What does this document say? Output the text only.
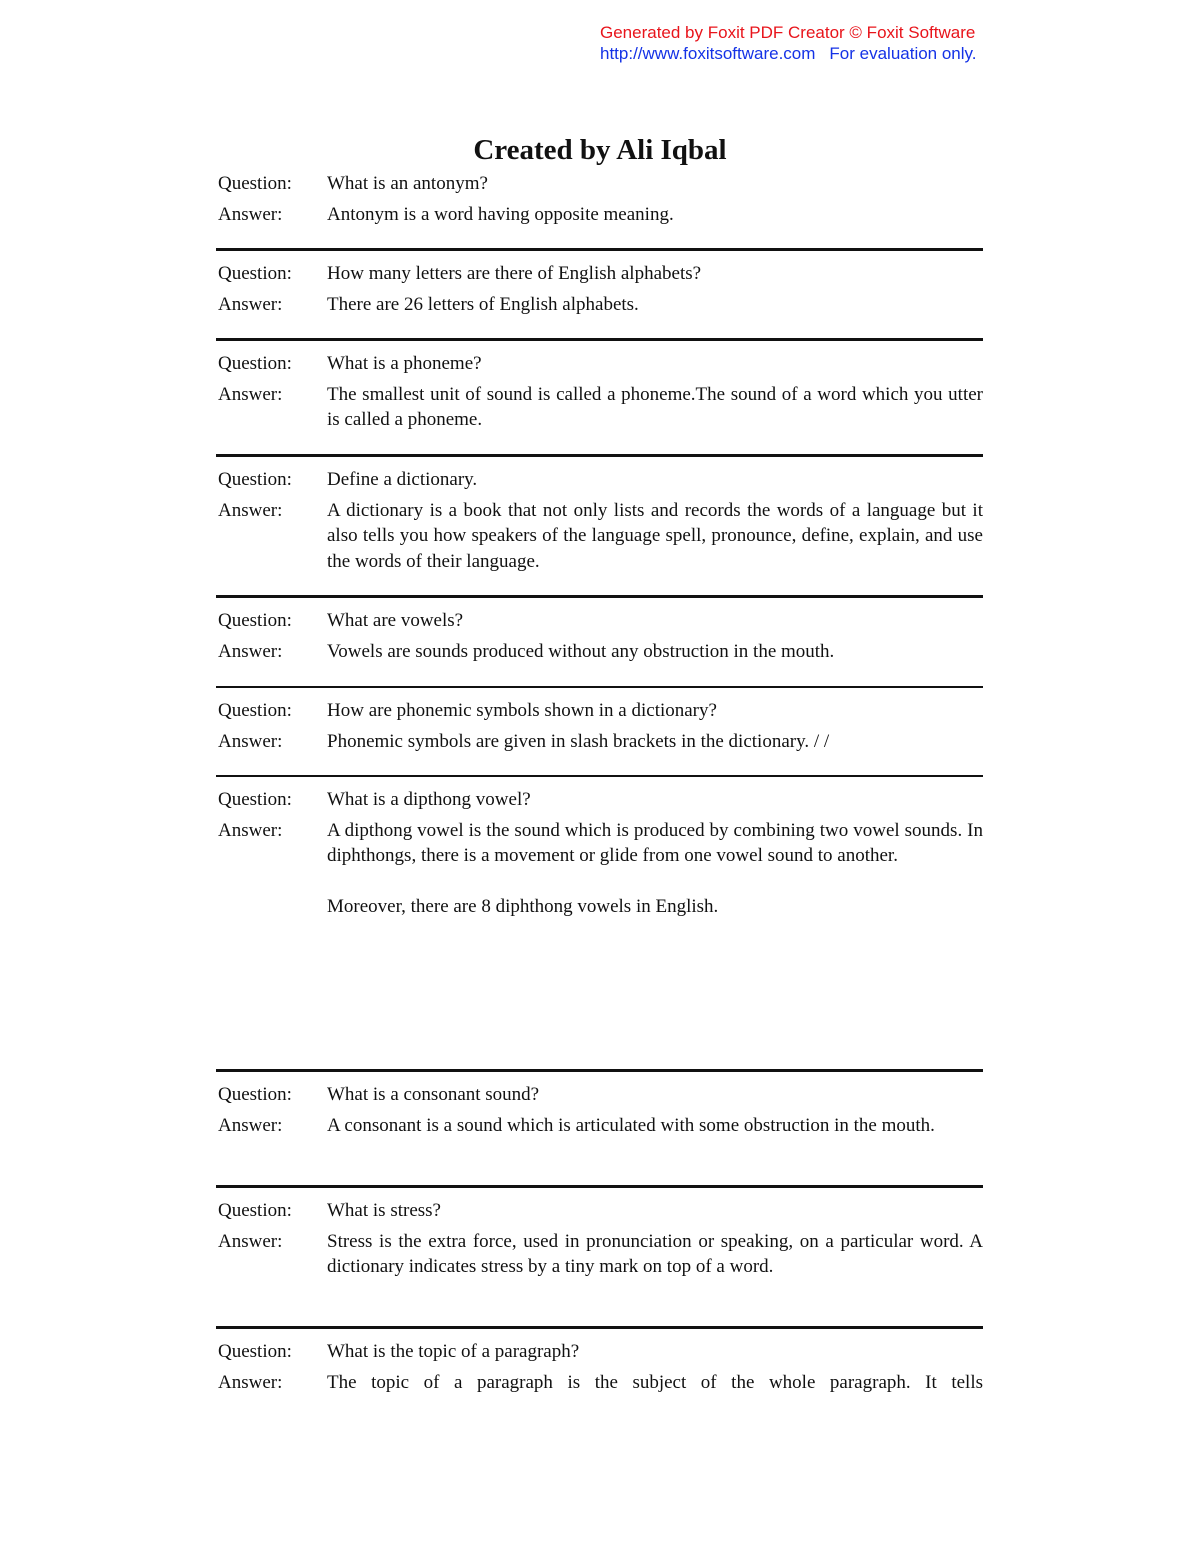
Generated by Foxit PDF Creator © Foxit Software
http://www.foxitsoftware.com For evaluation only.
Created by Ali Iqbal
Question:	What is an antonym?
Answer:	Antonym is a word having opposite meaning.
Question:	How many letters are there of English alphabets?
Answer:	There are 26 letters of English alphabets.
Question:	What is a phoneme?
Answer:	The smallest unit of sound is called a phoneme.The sound of a word which you utter is called a phoneme.
Question:	Define a dictionary.
Answer:	A dictionary is a book that not only lists and records the words of a language but it also tells you how speakers of the language spell, pronounce, define, explain, and use the words of their language.
Question:	What are vowels?
Answer:	Vowels are sounds produced without any obstruction in the mouth.
Question:	How are phonemic symbols shown in a dictionary?
Answer:	Phonemic symbols are given in slash brackets in the dictionary. / /
Question:	What is a dipthong vowel?
Answer:	A dipthong vowel is the sound which is produced by combining two vowel sounds. In diphthongs, there is a movement or glide from one vowel sound to another.
Moreover, there are 8 diphthong vowels in English.
Question:	What is a consonant sound?
Answer:	A consonant is a sound which is articulated with some obstruction in the mouth.
Question:	What is stress?
Answer:	Stress is the extra force, used in pronunciation or speaking, on a particular word. A dictionary indicates stress by a tiny mark on top of a word.
Question:	What is the topic of a paragraph?
Answer:	The topic of a paragraph is the subject of the whole paragraph. It tells
